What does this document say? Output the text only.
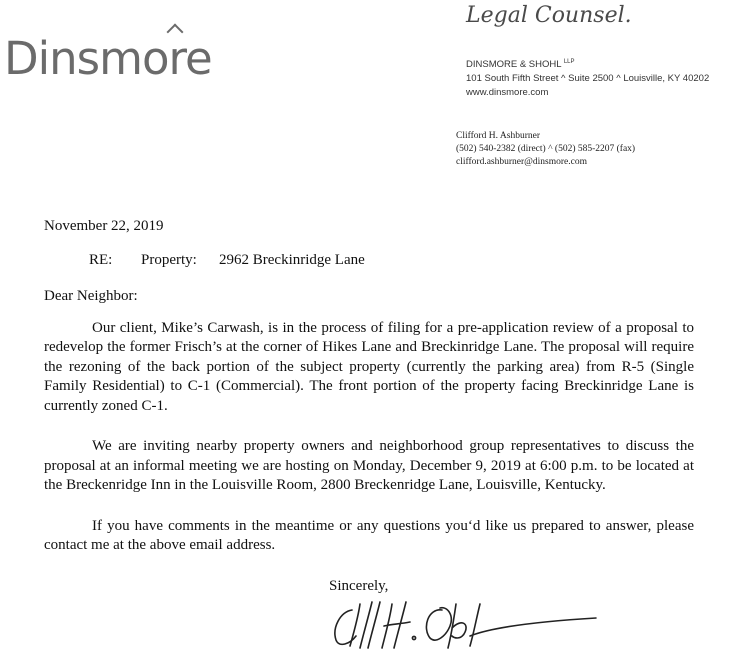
Dinsmore
Legal Counsel.
DINSMORE & SHOHL $^{LLP}$
101 South Fifth Street ^ Suite 2500 ^ Louisville, KY 40202
www.dinsmore.com
Clifford H. Ashburner
(502) 540-2382 (direct) ^ (502) 585-2207 (fax)
clifford.ashburner@dinsmore.com

November 22, 2019

RE: Property: 2962 Breckinridge Lane

Dear Neighbor:

Our client, Mike’s Carwash, is in the process of filing for a pre-application review of a proposal to redevelop the former Frisch’s at the corner of Hikes Lane and Breckinridge Lane. The proposal will require the rezoning of the back portion of the subject property (currently the parking area) from R-5 (Single Family Residential) to C-1 (Commercial). The front portion of the property facing Breckinridge Lane is currently zoned C-1.

We are inviting nearby property owners and neighborhood group representatives to discuss the proposal at an informal meeting we are hosting on Monday, December 9, 2019 at 6:00 p.m. to be located at the Breckenridge Inn in the Louisville Room, 2800 Breckenridge Lane, Louisville, Kentucky.

If you have comments in the meantime or any questions you‘d like us prepared to answer, please contact me at the above email address.

Sincerely,
